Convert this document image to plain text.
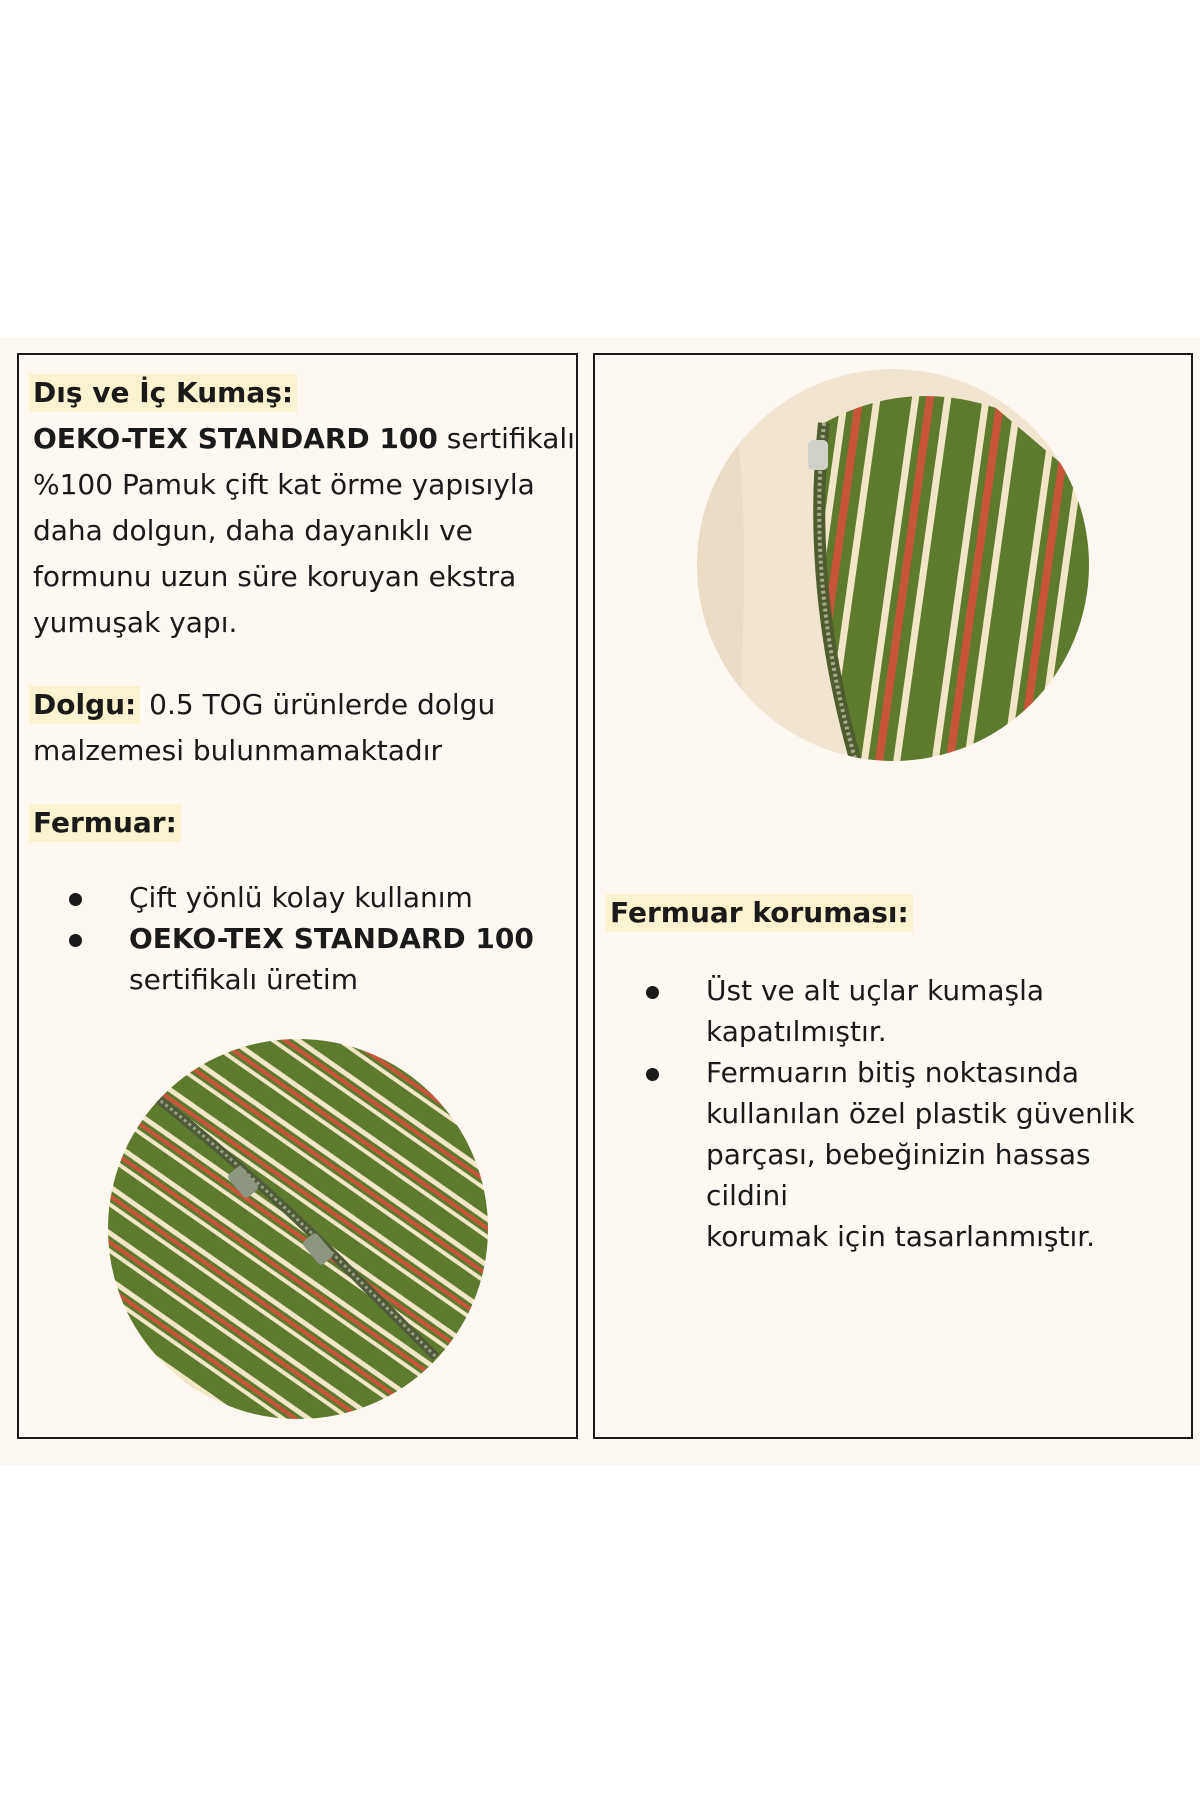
Dış ve İç Kumaş:
OEKO-TEX STANDARD 100 sertifikalı
%100 Pamuk çift kat örme yapısıyla
daha dolgun, daha dayanıklı ve
formunu uzun süre koruyan ekstra
yumuşak yapı.
Dolgu: 0.5 TOG ürünlerde dolgu
malzemesi bulunmamaktadır
Fermuar:
Çift yönlü kolay kullanım
OEKO-TEX STANDARD 100
sertifikalı üretim
Fermuar koruması:
Üst ve alt uçlar kumaşla
kapatılmıştır.
Fermuarın bitiş noktasında
kullanılan özel plastik güvenlik
parçası, bebeğinizin hassas cildini
korumak için tasarlanmıştır.
